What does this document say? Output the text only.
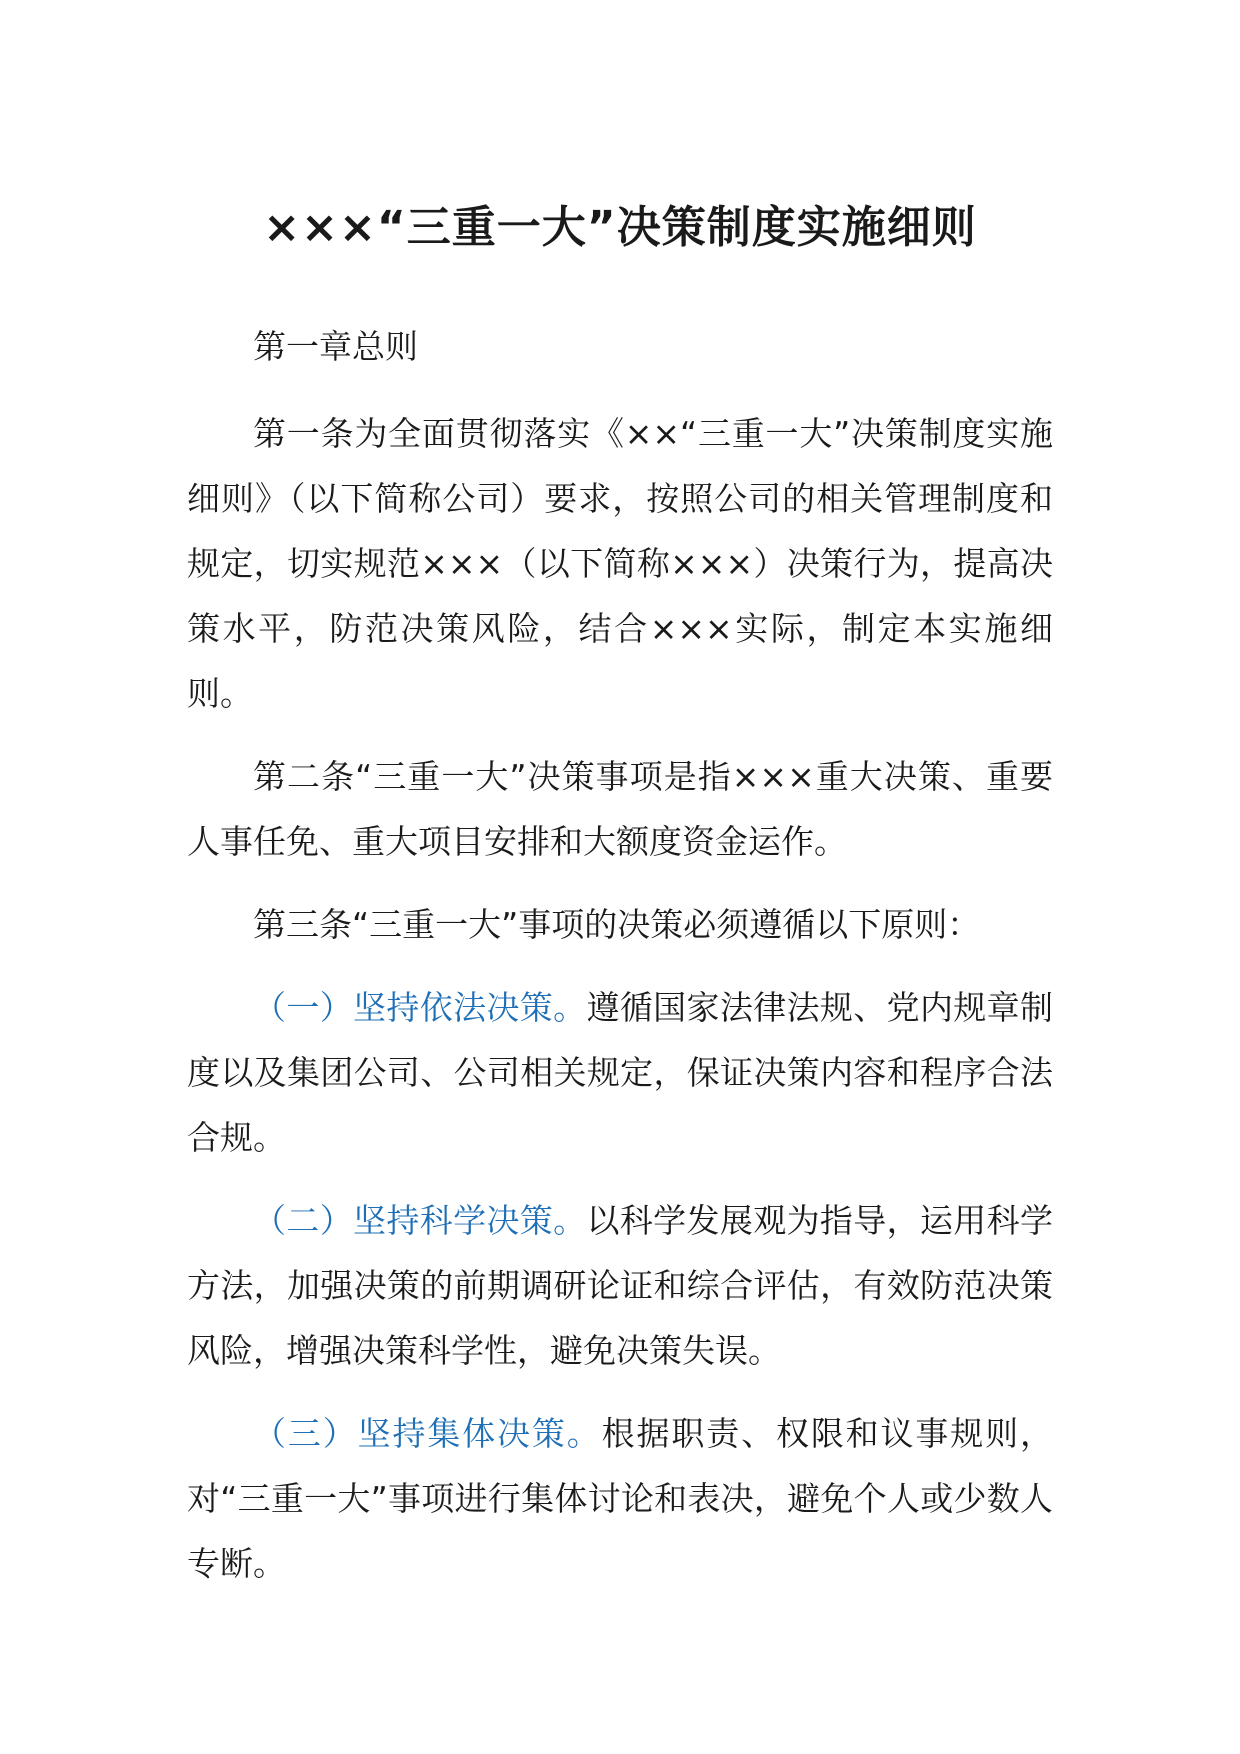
×××“三重一大”决策制度实施细则

第一章总则

第一条为全面贯彻落实《××“三重一大”决策制度实施细则》（以下简称公司）要求，按照公司的相关管理制度和规定，切实规范×××（以下简称×××）决策行为，提高决策水平，防范决策风险，结合×××实际，制定本实施细则。

第二条“三重一大”决策事项是指×××重大决策、重要人事任免、重大项目安排和大额度资金运作。

第三条“三重一大”事项的决策必须遵循以下原则：

（一）坚持依法决策。遵循国家法律法规、党内规章制度以及集团公司、公司相关规定，保证决策内容和程序合法合规。

（二）坚持科学决策。以科学发展观为指导，运用科学方法，加强决策的前期调研论证和综合评估，有效防范决策风险，增强决策科学性，避免决策失误。

（三）坚持集体决策。根据职责、权限和议事规则，对“三重一大”事项进行集体讨论和表决，避免个人或少数人专断。
